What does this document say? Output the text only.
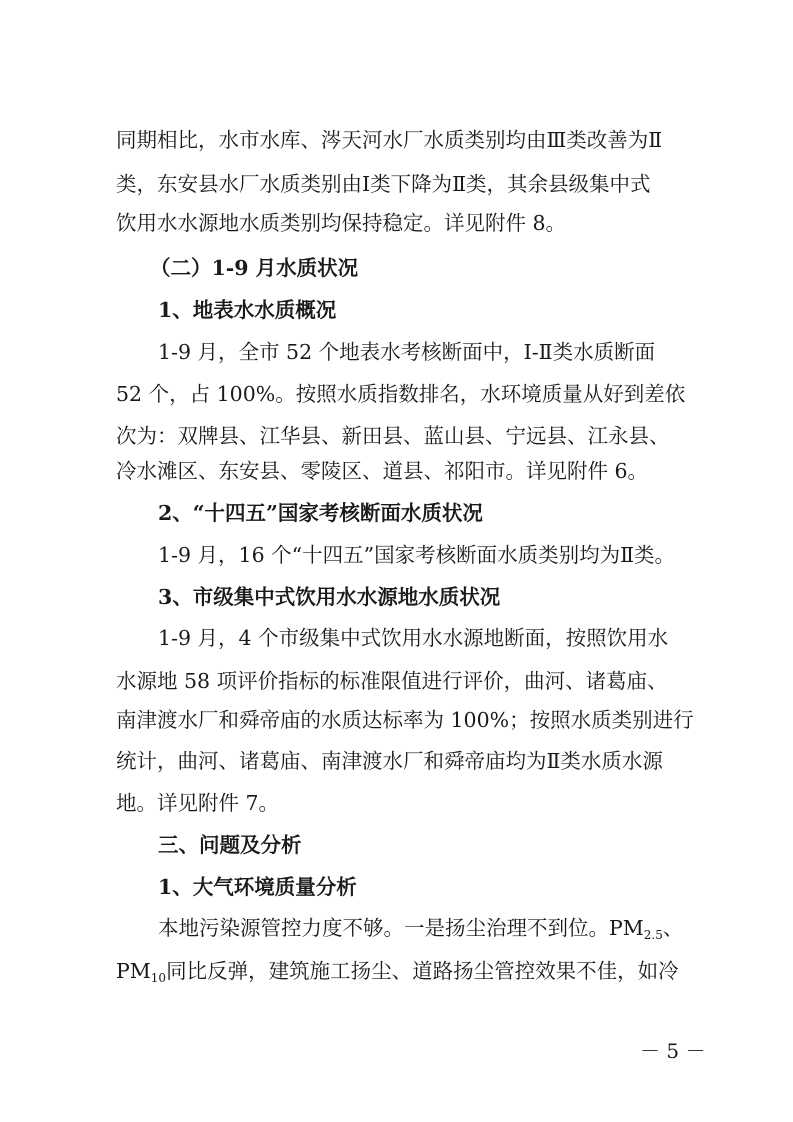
同期相比，水市水库、涔天河水厂水质类别均由Ⅲ类改善为Ⅱ
类，东安县水厂水质类别由Ⅰ类下降为Ⅱ类，其余县级集中式
饮用水水源地水质类别均保持稳定。详见附件 8。
（二）1-9 月水质状况
1、地表水水质概况
1-9 月，全市 52 个地表水考核断面中，Ⅰ-Ⅱ类水质断面
52 个，占 100%。按照水质指数排名，水环境质量从好到差依
次为：双牌县、江华县、新田县、蓝山县、宁远县、江永县、
冷水滩区、东安县、零陵区、道县、祁阳市。详见附件 6。
2、“十四五”国家考核断面水质状况
1-9 月，16 个“十四五”国家考核断面水质类别均为Ⅱ类。
3、市级集中式饮用水水源地水质状况
1-9 月，4 个市级集中式饮用水水源地断面，按照饮用水
水源地 58 项评价指标的标准限值进行评价，曲河、诸葛庙、
南津渡水厂和舜帝庙的水质达标率为 100%；按照水质类别进行
统计，曲河、诸葛庙、南津渡水厂和舜帝庙均为Ⅱ类水质水源
地。详见附件 7。
三、问题及分析
1、大气环境质量分析
本地污染源管控力度不够。一是扬尘治理不到位。$PM_{2.5}$、
$PM_{10}$同比反弹，建筑施工扬尘、道路扬尘管控效果不佳，如冷
－ 5 －
